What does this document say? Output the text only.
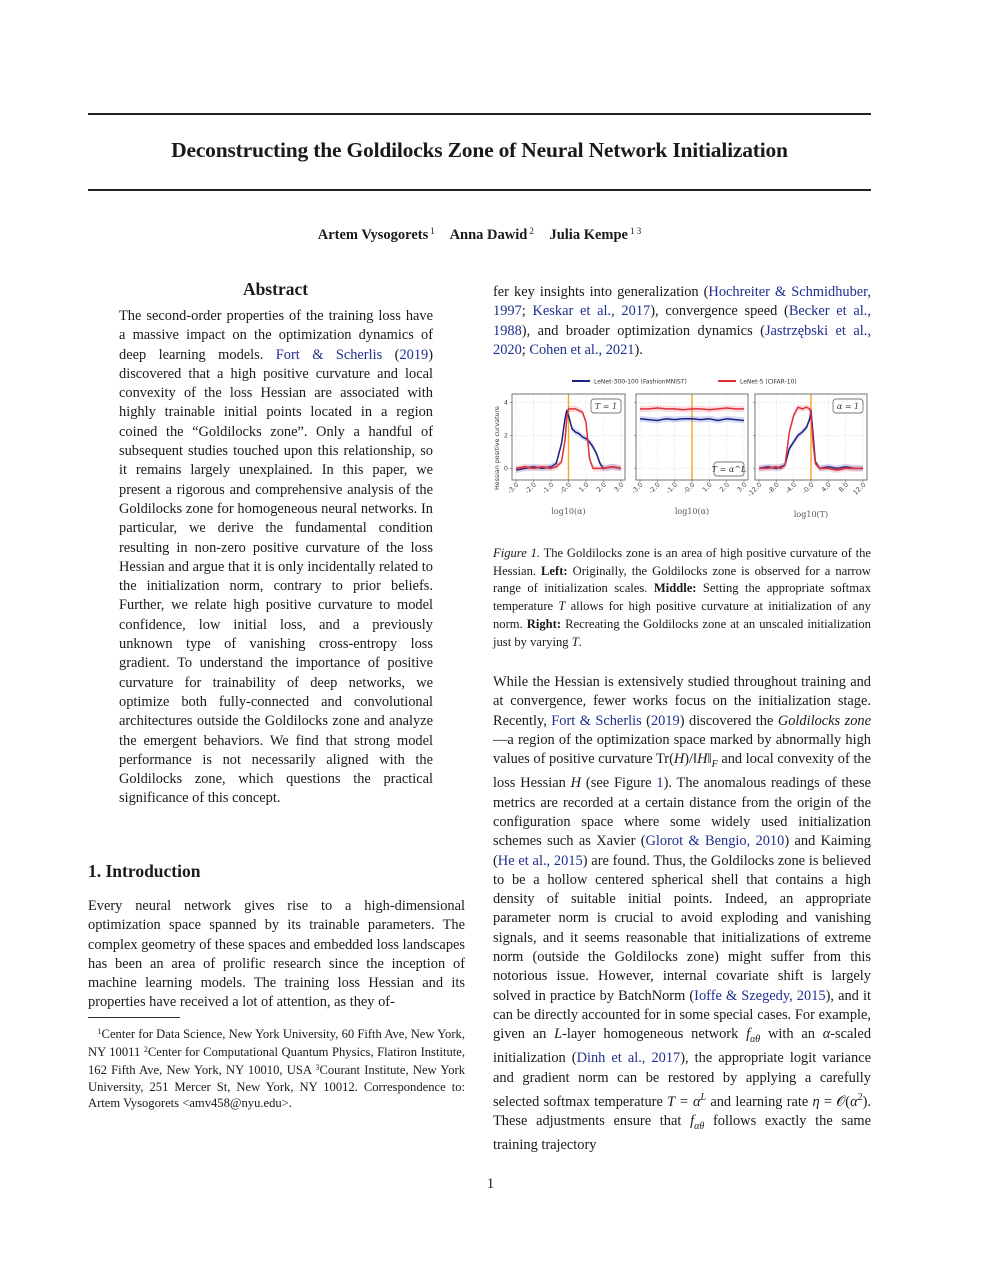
Deconstructing the Goldilocks Zone of Neural Network Initialization
Artem Vysogorets $^1$ Anna Dawid $^2$ Julia Kempe $^{1 3}$
Abstract

The second-order properties of the training loss have a massive impact on the optimization dynamics of deep learning models. Fort & Scherlis (2019) discovered that a high positive curvature and local convexity of the loss Hessian are associated with highly trainable initial points located in a region coined the “Goldilocks zone”. Only a handful of subsequent studies touched upon this relationship, so it remains largely unexplained. In this paper, we present a rigorous and comprehensive analysis of the Goldilocks zone for homogeneous neural networks. In particular, we derive the fundamental condition resulting in non-zero positive curvature of the loss Hessian and argue that it is only incidentally related to the initialization norm, contrary to prior beliefs. Further, we relate high positive curvature to model confidence, low initial loss, and a previously unknown type of vanishing cross-entropy loss gradient. To understand the importance of positive curvature for trainability of deep networks, we optimize both fully-connected and convolutional architectures outside the Goldilocks zone and analyze the emergent behaviors. We find that strong model performance is not necessarily aligned with the Goldilocks zone, which questions the practical significance of this concept.

1. Introduction

Every neural network gives rise to a high-dimensional optimization space spanned by its trainable parameters. The complex geometry of these spaces and embedded loss landscapes has been an area of prolific research since the inception of machine learning models. The training loss Hessian and its properties have received a lot of attention, as they of-

$^1$Center for Data Science, New York University, 60 Fifth Ave, New York, NY 10011 $^2$Center for Computational Quantum Physics, Flatiron Institute, 162 Fifth Ave, New York, NY 10010, USA $^3$Courant Institute, New York University, 251 Mercer St, New York, NY 10012. Correspondence to: Artem Vysogorets <amv458@nyu.edu>.

fer key insights into generalization (Hochreiter & Schmidhuber, 1997; Keskar et al., 2017), convergence speed (Becker et al., 1988), and broader optimization dynamics (Jastrzębski et al., 2020; Cohen et al., 2021).

LeNet-300-100 (FashionMNIST)	LeNet-5 (CIFAR-10)
Hessian positive curvature 0
2
4
-3.0 -2.0 -1.0 -0.0 1.0 2.0 3.0
log10(α)
T = 1
-3.0 -2.0 -1.0 -0.0 1.0 2.0 3.0
log10(α)
T = α^L
-12.0 -8.0 -4.0 -0.0 4.0 8.0 12.0
log10(T)
α = 1
Figure 1. The Goldilocks zone is an area of high positive curvature of the Hessian. Left: Originally, the Goldilocks zone is observed for a narrow range of initialization scales. Middle: Setting the appropriate softmax temperature T allows for high positive curvature at initialization of any norm. Right: Recreating the Goldilocks zone at an unscaled initialization just by varying T.

While the Hessian is extensively studied throughout training and at convergence, fewer works focus on the initialization stage. Recently, Fort & Scherlis (2019) discovered the Goldilocks zone—a region of the optimization space marked by abnormally high values of positive curvature $Tr(H)/‖H‖_F$ and local convexity of the loss Hessian H (see Figure 1). The anomalous readings of these metrics are recorded at a certain distance from the origin of the configuration space where some widely used initialization schemes such as Xavier (Glorot & Bengio, 2010) and Kaiming (He et al., 2015) are found. Thus, the Goldilocks zone is believed to be a hollow centered spherical shell that contains a high density of suitable initial points. Indeed, an appropriate parameter norm is crucial to avoid exploding and vanishing signals, and it seems reasonable that initializations of extreme norm (outside the Goldilocks zone) might suffer from this notorious issue. However, internal covariate shift is largely solved in practice by BatchNorm (Ioffe & Szegedy, 2015), and it can be directly accounted for in some special cases. For example, given an L-layer homogeneous network $f_{\alpha\theta}$ with an α-scaled initialization (Dinh et al., 2017), the appropriate logit variance and gradient norm can be restored by applying a carefully selected softmax temperature $T = \alpha^L$ and learning rate $\eta = 𝒪(\alpha^2)$. These adjustments ensure that $f_{\alpha\theta}$ follows exactly the same training trajectory

1
